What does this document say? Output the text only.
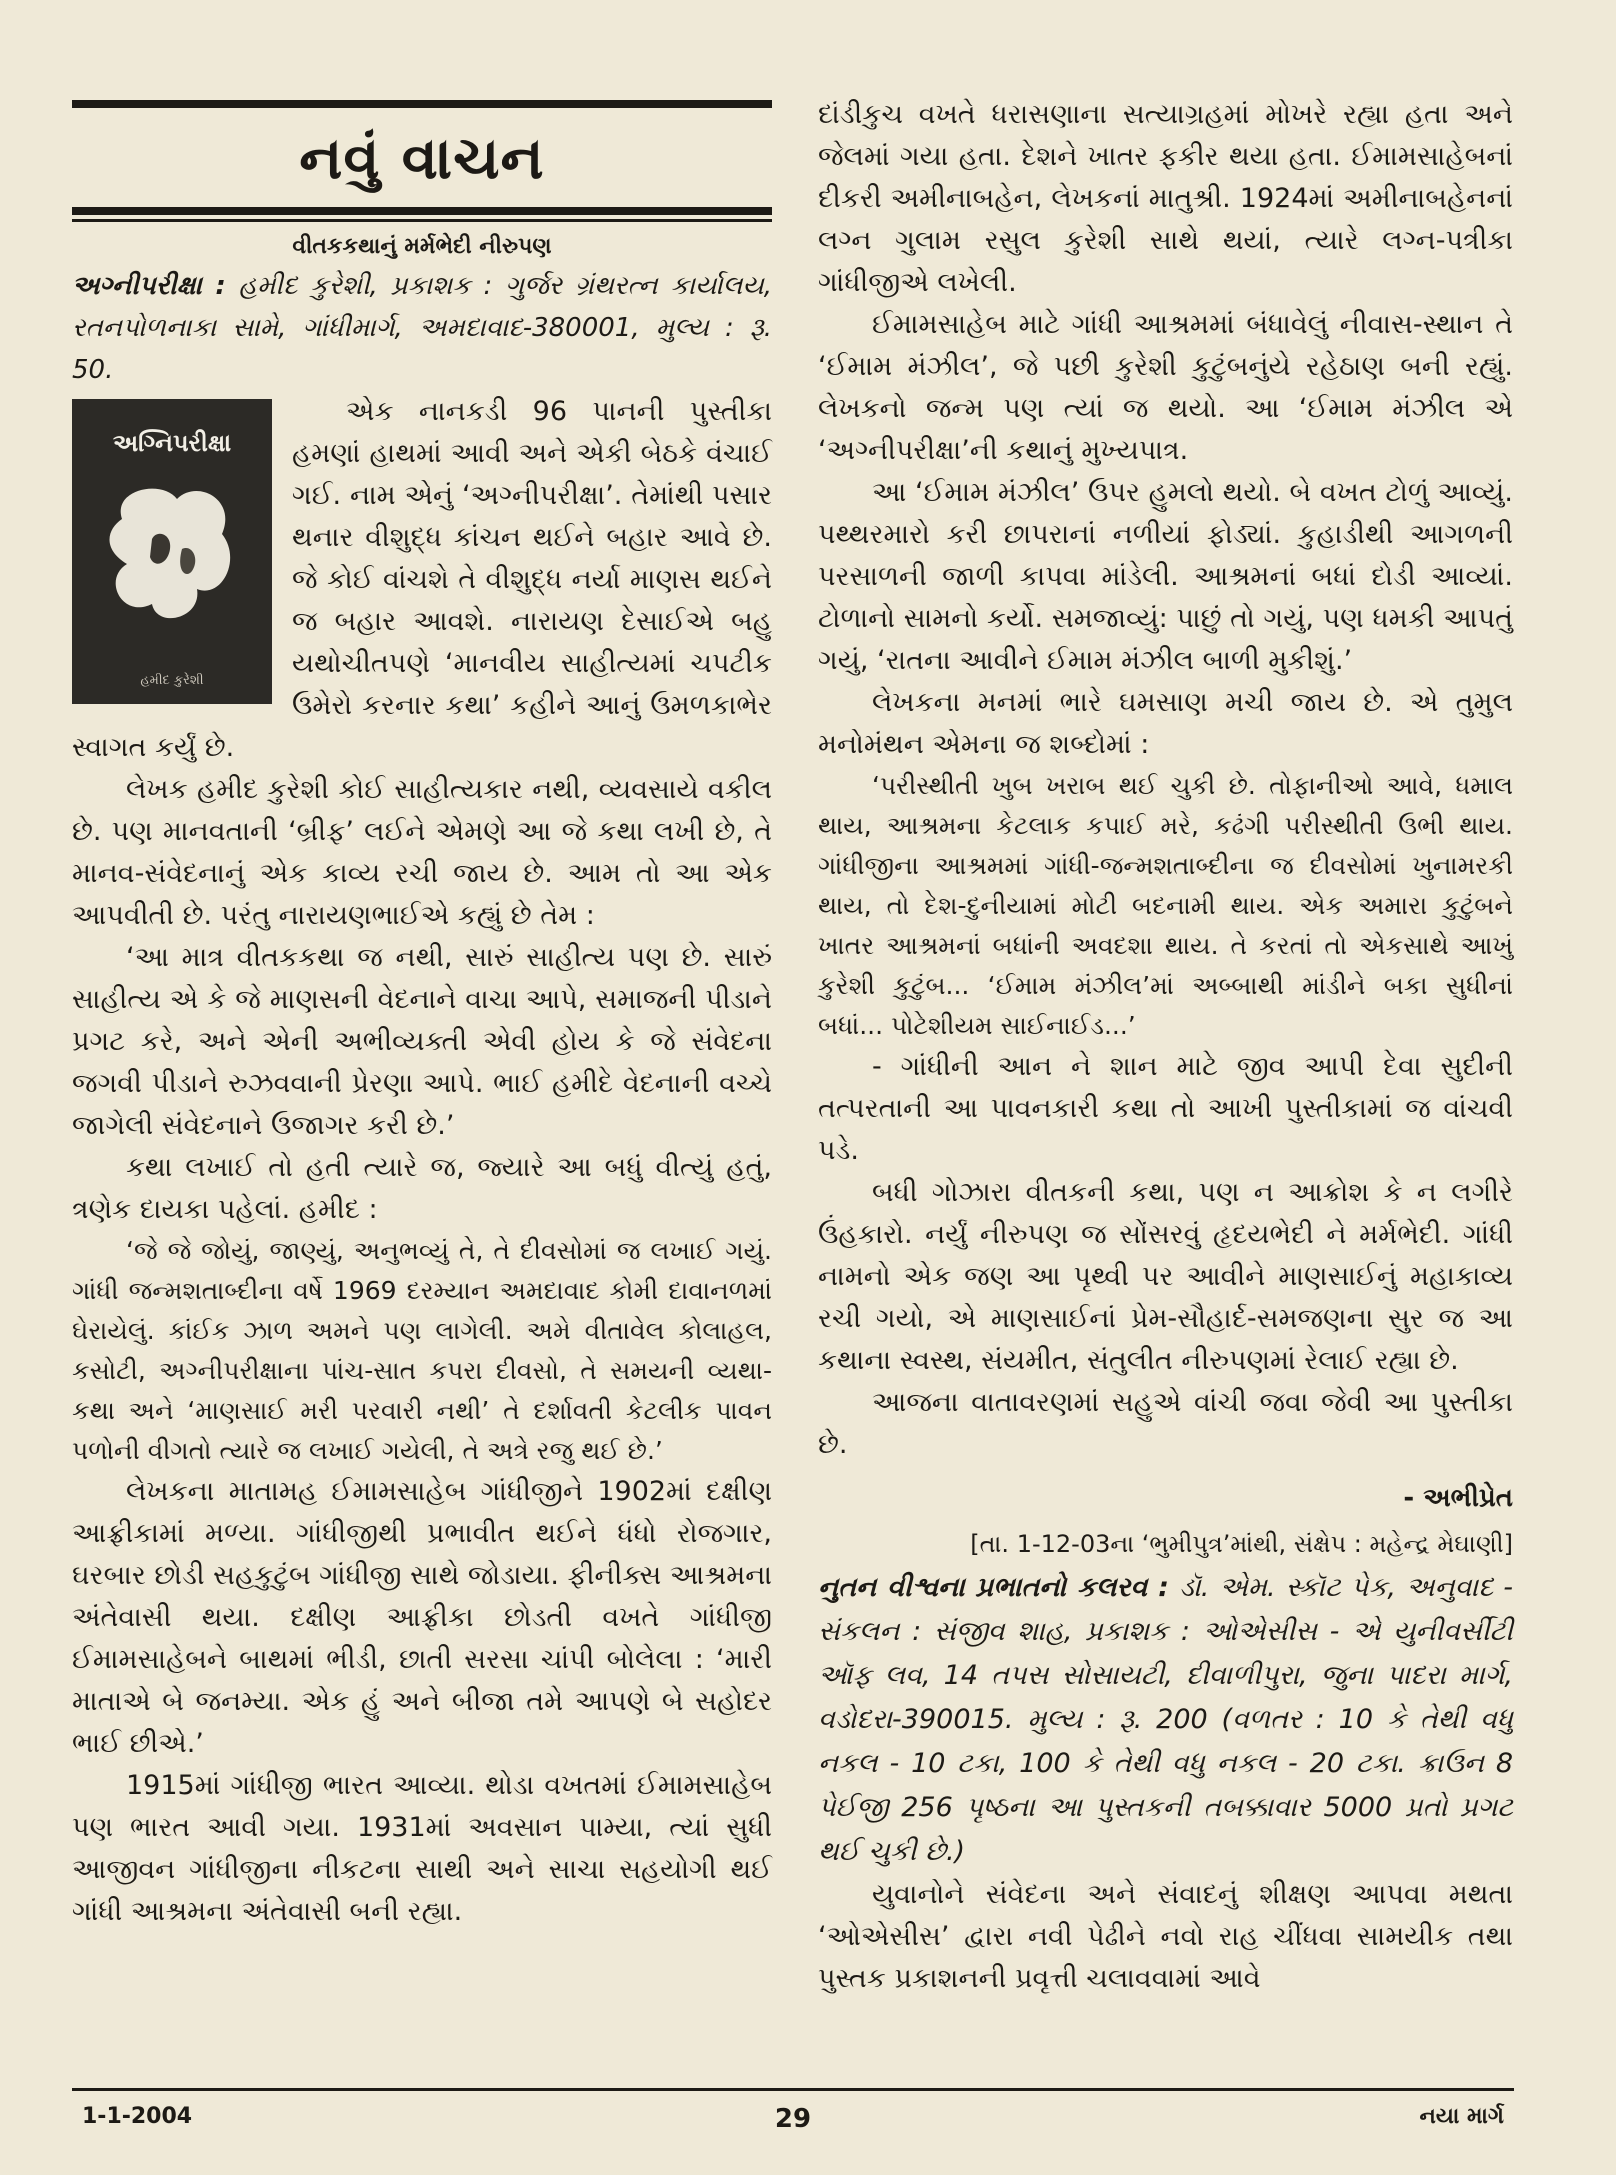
નવું વાચન
વીતકકથાનું મર્મભેદી નીરુપણ

અગ્નીપરીક્ષા : હમીદ કુરેશી, પ્રકાશક : ગુર્જર ગ્રંથરત્ન કાર્યાલય, રતનપોળનાકા સામે, ગાંધીમાર્ગ, અમદાવાદ-380001, મુલ્ય : રૂ. 50.

અગ્નિપરીક્ષા
હમીદ કુરેશી

એક નાનકડી 96 પાનની પુસ્તીકા હમણાં હાથમાં આવી અને એકી બેઠકે વંચાઈ ગઈ. નામ એનું ‘અગ્નીપરીક્ષા’. તેમાંથી પસાર થનાર વીશુદ્ધ કાંચન થઈને બહાર આવે છે. જે કોઈ વાંચશે તે વીશુદ્ધ નર્યા માણસ થઈને જ બહાર આવશે. નારાયણ દેસાઈએ બહુ યથોચીતપણે ‘માનવીય સાહીત્યમાં ચપટીક ઉમેરો કરનાર કથા’ કહીને આનું ઉમળકાભેર સ્વાગત કર્યું છે.

લેખક હમીદ કુરેશી કોઈ સાહીત્યકાર નથી, વ્યવસાયે વકીલ છે. પણ માનવતાની ‘બ્રીફ’ લઈને એમણે આ જે કથા લખી છે, તે માનવ-સંવેદનાનું એક કાવ્ય રચી જાય છે. આમ તો આ એક આપવીતી છે. પરંતુ નારાયણભાઈએ કહ્યું છે તેમ :

‘આ માત્ર વીતકકથા જ નથી, સારું સાહીત્ય પણ છે. સારું સાહીત્ય એ કે જે માણસની વેદનાને વાચા આપે, સમાજની પીડાને પ્રગટ કરે, અને એની અભીવ્યક્તી એવી હોય કે જે સંવેદના જગવી પીડાને રુઝવવાની પ્રેરણા આપે. ભાઈ હમીદે વેદનાની વચ્ચે જાગેલી સંવેદનાને ઉજાગર કરી છે.’

કથા લખાઈ તો હતી ત્યારે જ, જ્યારે આ બધું વીત્યું હતું, ત્રણેક દાયકા પહેલાં. હમીદ :

‘જે જે જોયું, જાણ્યું, અનુભવ્યું તે, તે દીવસોમાં જ લખાઈ ગયું. ગાંધી જન્મશતાબ્દીના વર્ષે 1969 દરમ્યાન અમદાવાદ કોમી દાવાનળમાં ઘેરાયેલું. કાંઈક ઝાળ અમને પણ લાગેલી. અમે વીતાવેલ કોલાહલ, કસોટી, અગ્નીપરીક્ષાના પાંચ-સાત કપરા દીવસો, તે સમયની વ્યથા-કથા અને ‘માણસાઈ મરી પરવારી નથી’ તે દર્શાવતી કેટલીક પાવન પળોની વીગતો ત્યારે જ લખાઈ ગયેલી, તે અત્રે રજુ થઈ છે.’

લેખકના માતામહ ઈમામસાહેબ ગાંધીજીને 1902માં દક્ષીણ આફ્રીકામાં મળ્યા. ગાંધીજીથી પ્રભાવીત થઈને ધંધો રોજગાર, ઘરબાર છોડી સહકુટુંબ ગાંધીજી સાથે જોડાયા. ફીનીક્સ આશ્રમના અંતેવાસી થયા. દક્ષીણ આફ્રીકા છોડતી વખતે ગાંધીજી ઈમામસાહેબને બાથમાં ભીડી, છાતી સરસા ચાંપી બોલેલા : ‘મારી માતાએ બે જનમ્યા. એક હું અને બીજા તમે આપણે બે સહોદર ભાઈ છીએ.’

1915માં ગાંધીજી ભારત આવ્યા. થોડા વખતમાં ઈમામસાહેબ પણ ભારત આવી ગયા. 1931માં અવસાન પામ્યા, ત્યાં સુધી આજીવન ગાંધીજીના નીકટના સાથી અને સાચા સહયોગી થઈ ગાંધી આશ્રમના અંતેવાસી બની રહ્યા.

દાંડીકુચ વખતે ધરાસણાના સત્યાગ્રહમાં મોખરે રહ્યા હતા અને જેલમાં ગયા હતા. દેશને ખાતર ફકીર થયા હતા. ઈમામસાહેબનાં દીકરી અમીનાબહેન, લેખકનાં માતુશ્રી. 1924માં અમીનાબહેનનાં લગ્ન ગુલામ રસુલ કુરેશી સાથે થયાં, ત્યારે લગ્ન-પત્રીકા ગાંધીજીએ લખેલી.

ઈમામસાહેબ માટે ગાંધી આશ્રમમાં બંધાવેલું નીવાસ-સ્થાન તે ‘ઈમામ મંઝીલ’, જે પછી કુરેશી કુટુંબનુંયે રહેઠાણ બની રહ્યું. લેખકનો જન્મ પણ ત્યાં જ થયો. આ ‘ઈમામ મંઝીલ એ ‘અગ્નીપરીક્ષા’ની કથાનું મુખ્યપાત્ર.

આ ‘ઈમામ મંઝીલ’ ઉપર હુમલો થયો. બે વખત ટોળું આવ્યું. પથ્થરમારો કરી છાપરાનાં નળીયાં ફોડ્યાં. કુહાડીથી આગળની પરસાળની જાળી કાપવા માંડેલી. આશ્રમનાં બધાં દોડી આવ્યાં. ટોળાનો સામનો કર્યો. સમજાવ્યું: પાછું તો ગયું, પણ ધમકી આપતું ગયું, ‘રાતના આવીને ઈમામ મંઝીલ બાળી મુકીશું.’

લેખકના મનમાં ભારે ઘમસાણ મચી જાય છે. એ તુમુલ મનોમંથન એમના જ શબ્દોમાં :

‘પરીસ્થીતી ખુબ ખરાબ થઈ ચુકી છે. તોફાનીઓ આવે, ધમાલ થાય, આશ્રમના કેટલાક કપાઈ મરે, કઢંગી પરીસ્થીતી ઉભી થાય. ગાંધીજીના આશ્રમમાં ગાંધી-જન્મશતાબ્દીના જ દીવસોમાં ખુનામરકી થાય, તો દેશ-દુનીયામાં મોટી બદનામી થાય. એક અમારા કુટુંબને ખાતર આશ્રમનાં બધાંની અવદશા થાય. તે કરતાં તો એકસાથે આખું કુરેશી કુટુંબ... ‘ઈમામ મંઝીલ’માં અબ્બાથી માંડીને બકા સુધીનાં બધાં... પોટેશીયમ સાઈનાઈડ...’

- ગાંધીની આન ને શાન માટે જીવ આપી દેવા સુદીની તત્પરતાની આ પાવનકારી કથા તો આખી પુસ્તીકામાં જ વાંચવી પડે.

બધી ગોઝારા વીતકની કથા, પણ ન આક્રોશ કે ન લગીરે ઉંહકારો. નર્યું નીરુપણ જ સોંસરવું હૃદયભેદી ને મર્મભેદી. ગાંધી નામનો એક જણ આ પૃથ્વી પર આવીને માણસાઈનું મહાકાવ્ય રચી ગયો, એ માણસાઈનાં પ્રેમ-સૌહાર્દ-સમજણના સુર જ આ કથાના સ્વસ્થ, સંયમીત, સંતુલીત નીરુપણમાં રેલાઈ રહ્યા છે.

આજના વાતાવરણમાં સહુએ વાંચી જવા જેવી આ પુસ્તીકા છે.

- અભીપ્રેત
[તા. 1-12-03ના ‘ભુમીપુત્ર’માંથી, સંક્ષેપ : મહેન્દ્ર મેઘાણી]

નુતન વીશ્વના પ્રભાતનો કલરવ : ડૉ. એમ. સ્કૉટ પેક, અનુવાદ - સંકલન : સંજીવ શાહ, પ્રકાશક : ઓએસીસ - એ યુનીવર્સીટી ઑફ લવ, 14 તપસ સોસાયટી, દીવાળીપુરા, જુના પાદરા માર્ગ, વડોદરા-390015. મુલ્ય : રૂ. 200 (વળતર : 10 કે તેથી વધુ નકલ - 10 ટકા, 100 કે તેથી વધુ નકલ - 20 ટકા. ક્રાઉન 8 પેઈજી 256 પૃષ્ઠના આ પુસ્તકની તબક્કાવાર 5000 પ્રતો પ્રગટ થઈ ચુકી છે.)

યુવાનોને સંવેદના અને સંવાદનું શીક્ષણ આપવા મથતા ‘ઓએસીસ’ દ્વારા નવી પેઢીને નવો રાહ ચીંધવા સામયીક તથા પુસ્તક પ્રકાશનની પ્રવૃત્તી ચલાવવામાં આવે

1-1-2004	29	નયા માર્ગ
